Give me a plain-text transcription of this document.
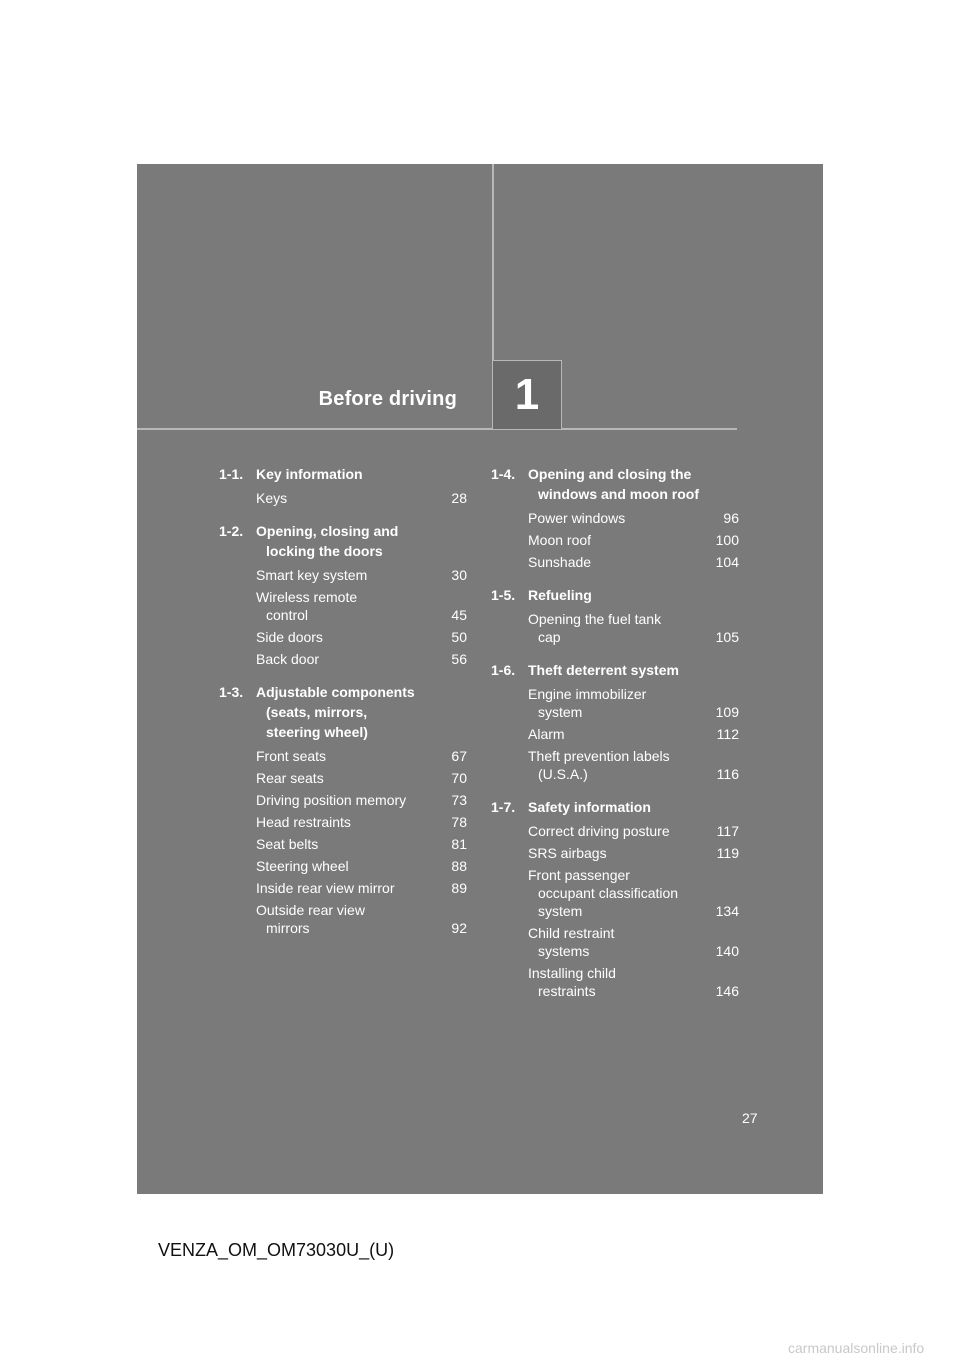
Before driving 1
1-1. Key information
Keys	28
1-2. Opening, closing and
locking the doors
Smart key system	30
Wireless remote
control	45
Side doors	50
Back door	56
1-3. Adjustable components
(seats, mirrors,
steering wheel)
Front seats	67
Rear seats	70
Driving position memory	73
Head restraints	78
Seat belts	81
Steering wheel	88
Inside rear view mirror	89
Outside rear view
mirrors	92
1-4. Opening and closing the
windows and moon roof
Power windows	96
Moon roof	100
Sunshade	104
1-5. Refueling
Opening the fuel tank
cap	105
1-6. Theft deterrent system
Engine immobilizer
system	109
Alarm	112
Theft prevention labels
(U.S.A.)	116
1-7. Safety information
Correct driving posture	117
SRS airbags	119
Front passenger
occupant classification
system	134
Child restraint
systems	140
Installing child
restraints	146
27
VENZA_OM_OM73030U_(U)
carmanualsonline.info
